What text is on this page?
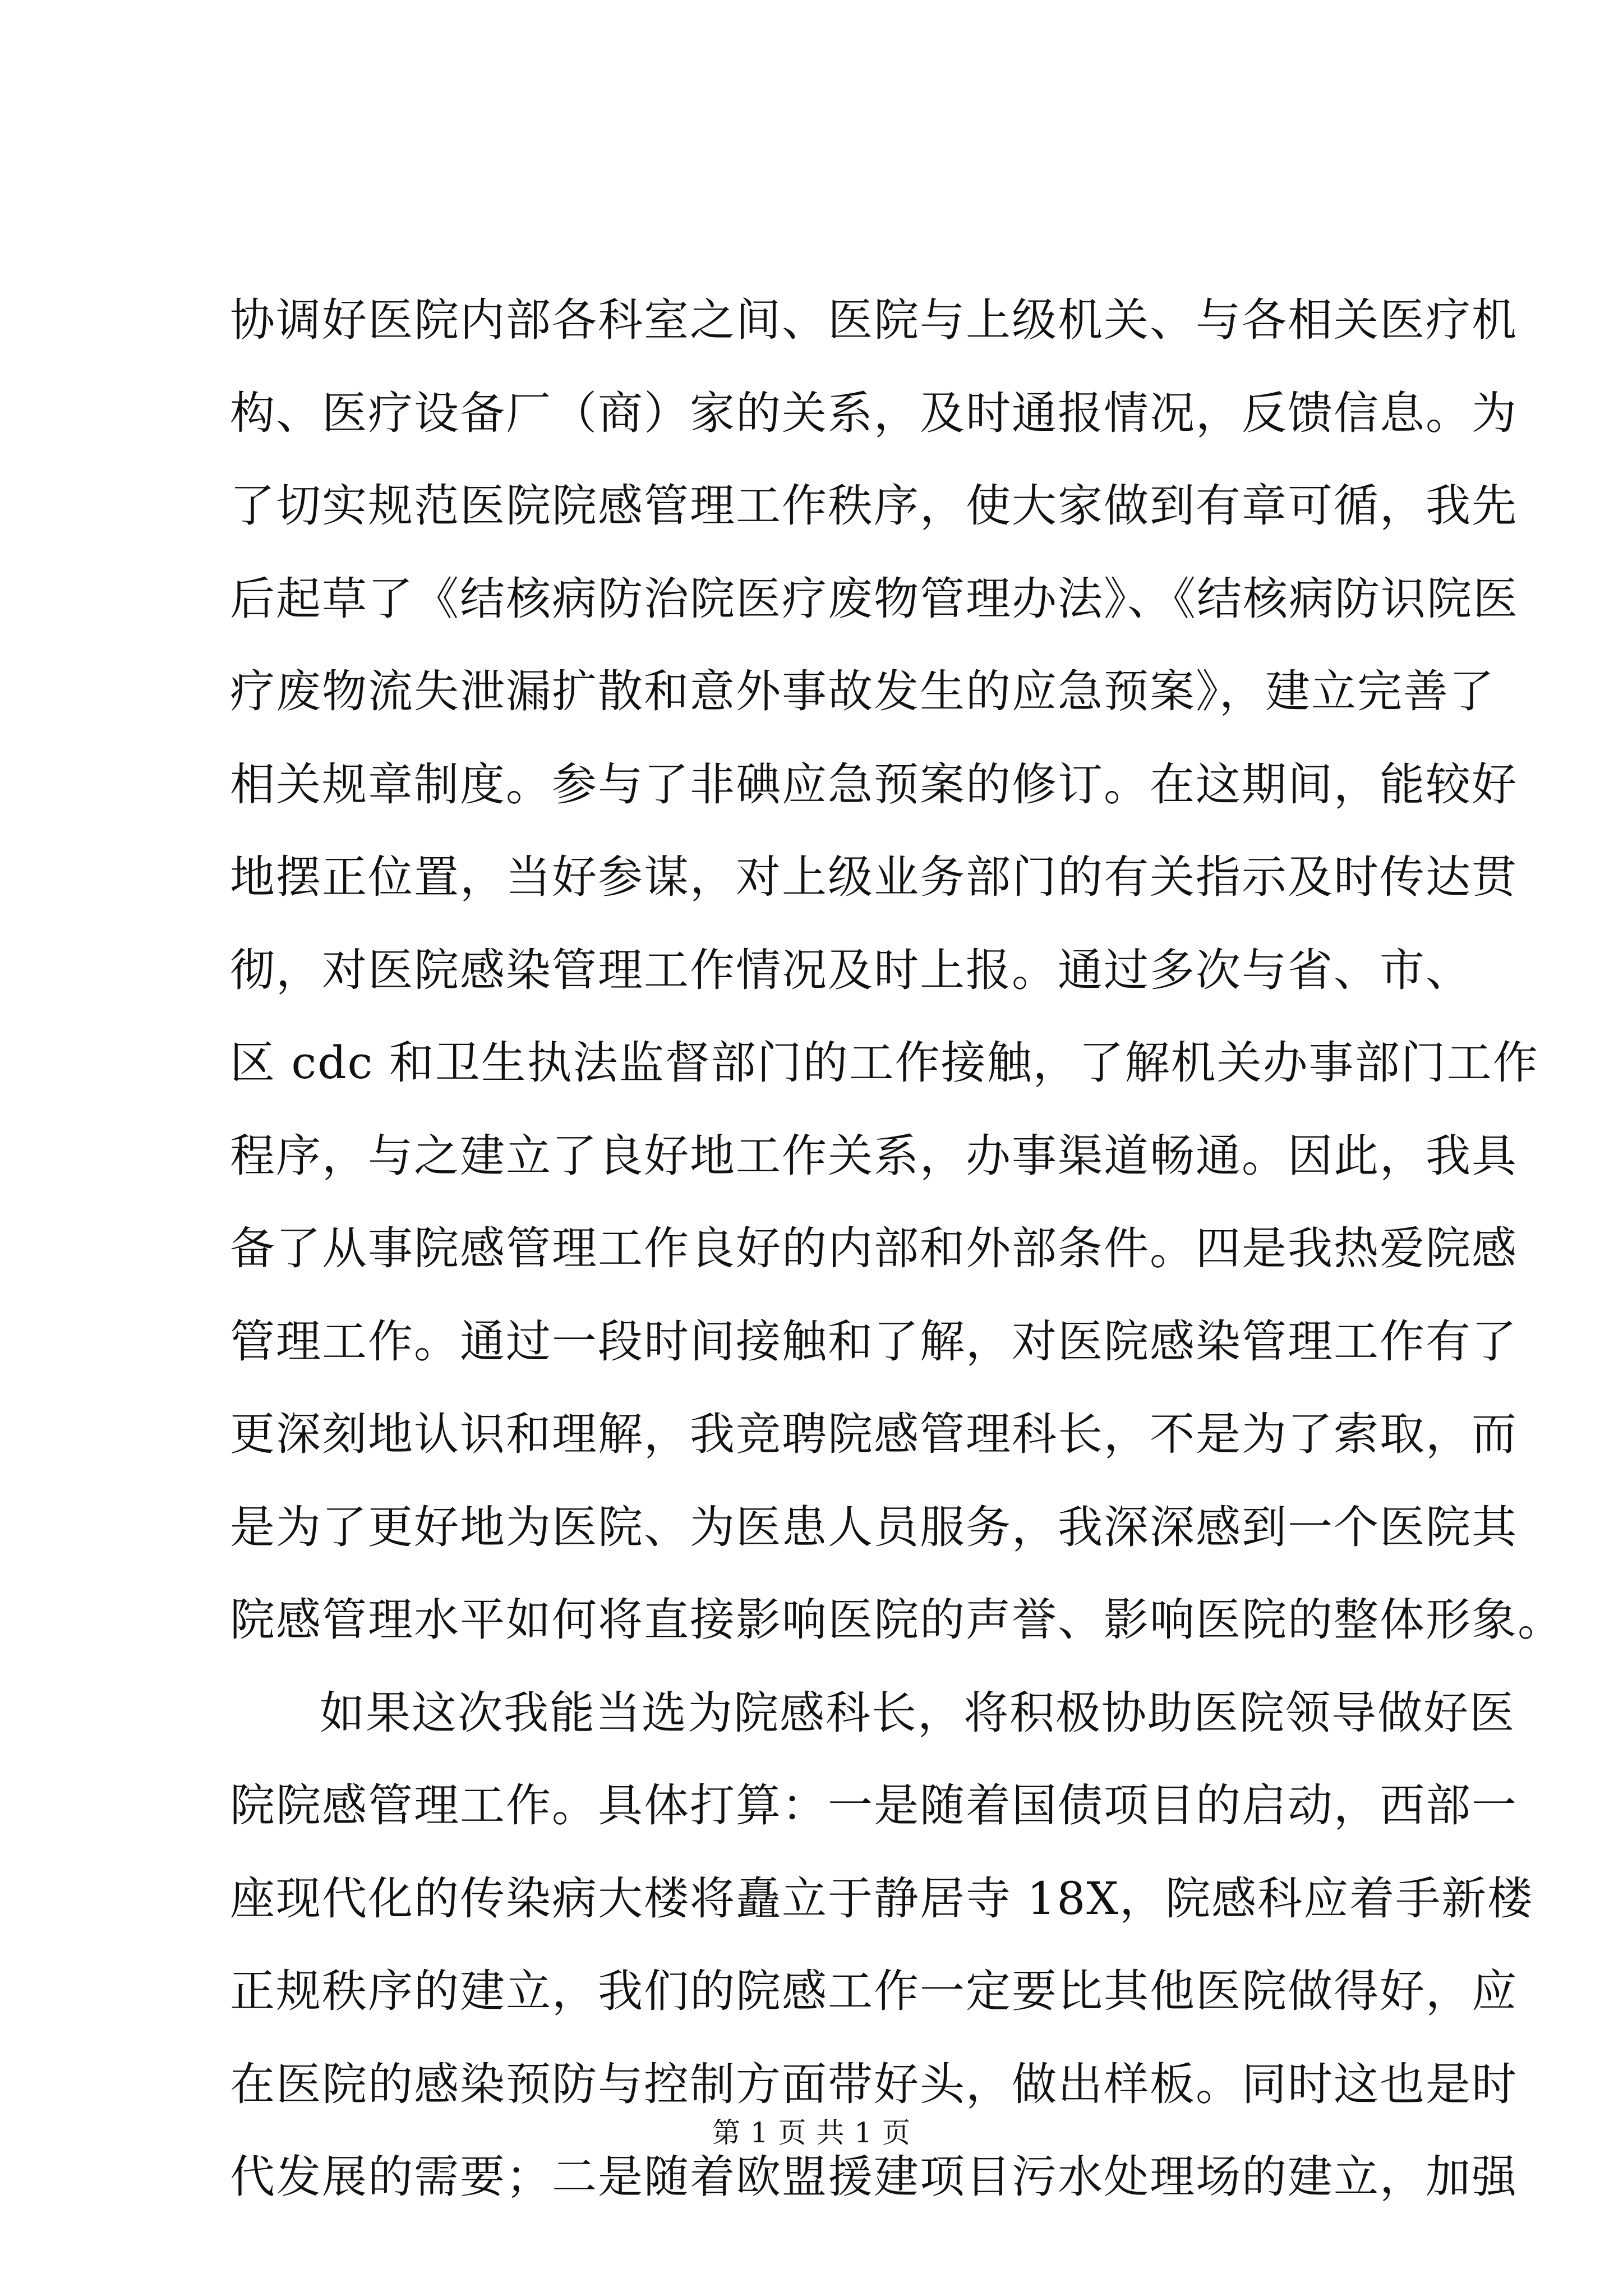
协调好医院内部各科室之间、医院与上级机关、与各相关医疗机
构、医疗设备厂（商）家的关系，及时通报情况，反馈信息。为
了切实规范医院院感管理工作秩序，使大家做到有章可循，我先
后起草了《结核病防治院医疗废物管理办法》、《结核病防识院医
疗废物流失泄漏扩散和意外事故发生的应急预案》，建立完善了
相关规章制度。参与了非碘应急预案的修订。在这期间，能较好
地摆正位置，当好参谋，对上级业务部门的有关指示及时传达贯
彻，对医院感染管理工作情况及时上报。通过多次与省、市、
区 cdc 和卫生执法监督部门的工作接触，了解机关办事部门工作
程序，与之建立了良好地工作关系，办事渠道畅通。因此，我具
备了从事院感管理工作良好的内部和外部条件。四是我热爱院感
管理工作。通过一段时间接触和了解，对医院感染管理工作有了
更深刻地认识和理解，我竞聘院感管理科长，不是为了索取，而
是为了更好地为医院、为医患人员服务，我深深感到一个医院其
院感管理水平如何将直接影响医院的声誉、影响医院的整体形象。
如果这次我能当选为院感科长，将积极协助医院领导做好医
院院感管理工作。具体打算：一是随着国债项目的启动，西部一
座现代化的传染病大楼将矗立于静居寺 18X，院感科应着手新楼
正规秩序的建立，我们的院感工作一定要比其他医院做得好，应
在医院的感染预防与控制方面带好头，做出样板。同时这也是时
代发展的需要；二是随着欧盟援建项目污水处理场的建立，加强
第 1 页 共 1 页
